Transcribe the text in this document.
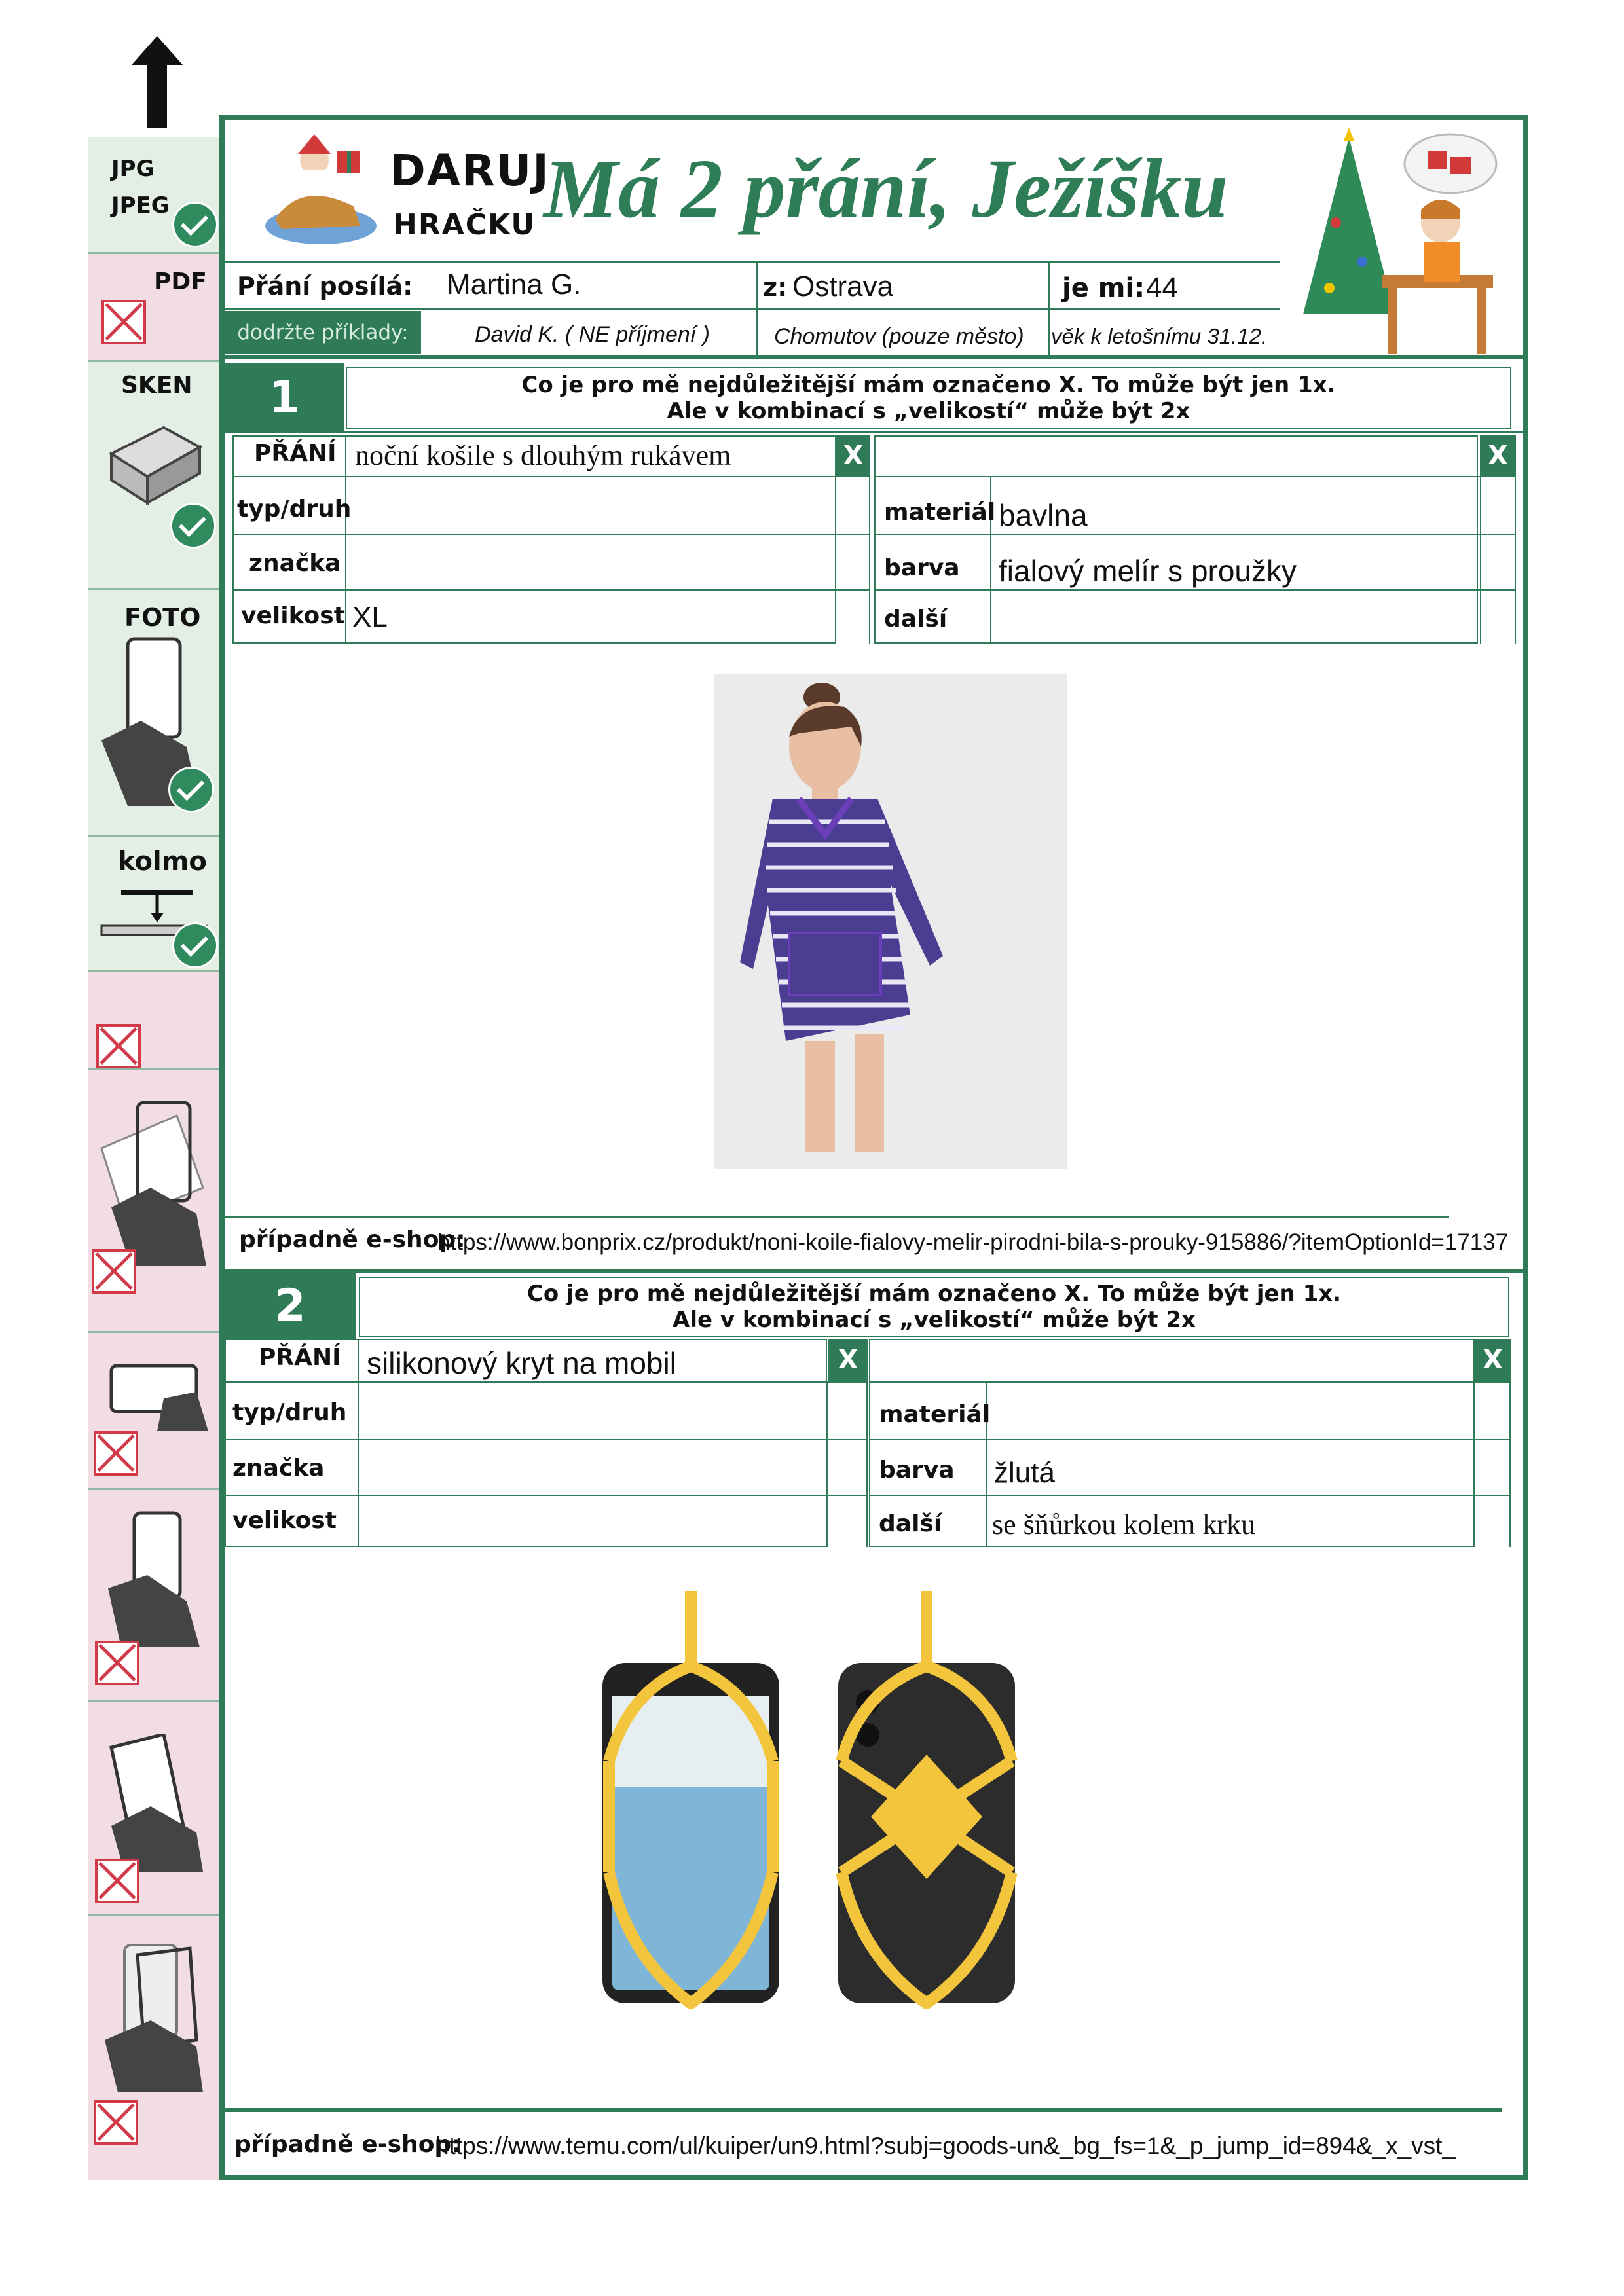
JPG
JPEG
PDF
SKEN
FOTO
kolmo
DARUJ
HRAČKU Má 2 přání, Ježíšku
Přání posílá: Martina G.	z: Ostrava	je mi: 44
dodržte příklady:	David K. ( NE příjmení )	Chomutov (pouze město) věk k letošnímu 31.12.
1	Co je pro mě nejdůležitější mám označeno X. To může být jen 1x.
Ale v kombinací s „velikostí“ může být 2x
PŘÁNÍ noční košile s dlouhým rukávem	X
typ/druh
značka
velikost XL
X
materiál bavlna
barva fialový melír s proužky
další
případně e-shop:
https://www.bonprix.cz/produkt/noni-koile-fialovy-melir-pirodni-bila-s-prouky-915886/?itemOptionId=17137
2	Co je pro mě nejdůležitější mám označeno X. To může být jen 1x.
Ale v kombinací s „velikostí“ může být 2x
PŘÁNÍ silikonový kryt na mobil	X
typ/druh
značka
velikost
X
materiál
barva žlutá
další se šňůrkou kolem krku
případně e-shop:
https://www.temu.com/ul/kuiper/un9.html?subj=goods-un&_bg_fs=1&_p_jump_id=894&_x_vst_
